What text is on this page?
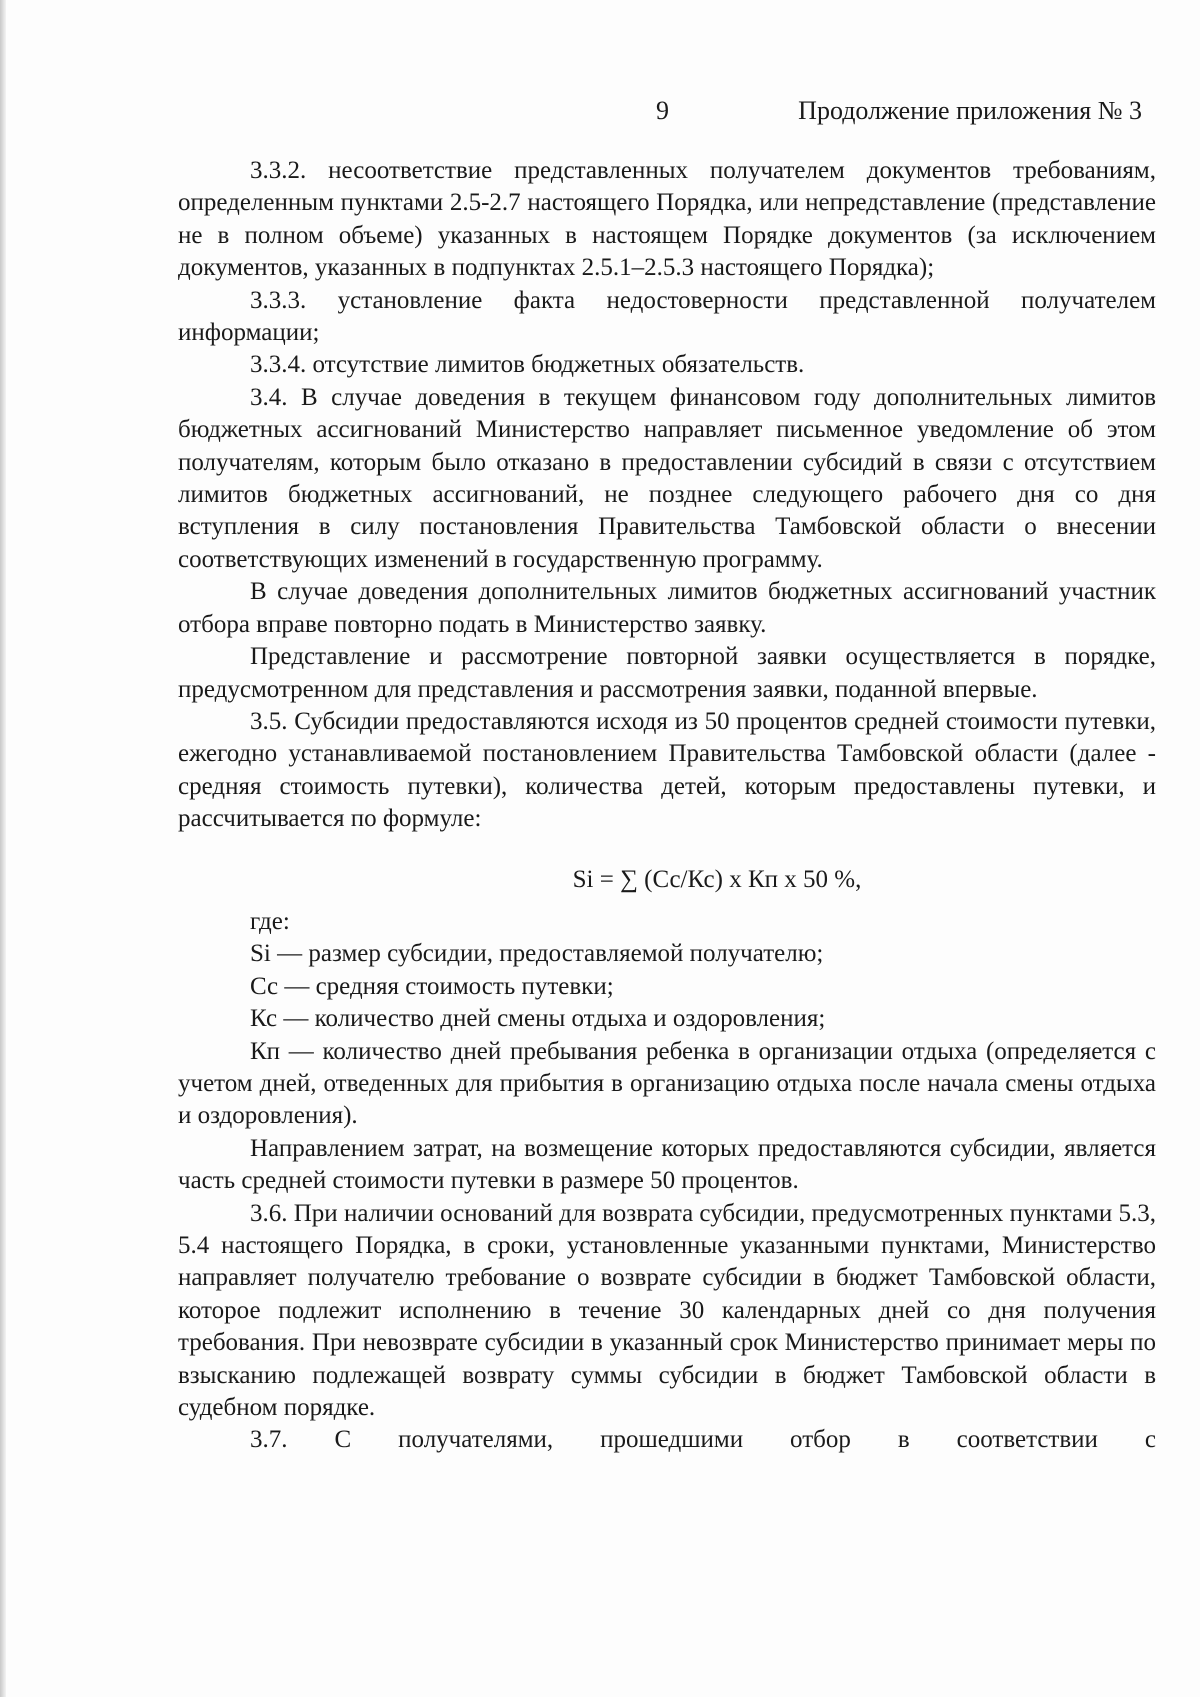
9	Продолжение приложения № 3

3.3.2. несоответствие представленных получателем документов требованиям, определенным пунктами 2.5-2.7 настоящего Порядка, или непредставление (представление не в полном объеме) указанных в настоящем Порядке документов (за исключением документов, указанных в подпунктах 2.5.1–2.5.3 настоящего Порядка);

3.3.3. установление факта недостоверности представленной получателем информации;

3.3.4. отсутствие лимитов бюджетных обязательств.

3.4. В случае доведения в текущем финансовом году дополнительных лимитов бюджетных ассигнований Министерство направляет письменное уведомление об этом получателям, которым было отказано в предоставлении субсидий в связи с отсутствием лимитов бюджетных ассигнований, не позднее следующего рабочего дня со дня вступления в силу постановления Правительства Тамбовской области о внесении соответствующих изменений в государственную программу.

В случае доведения дополнительных лимитов бюджетных ассигнований участник отбора вправе повторно подать в Министерство заявку.

Представление и рассмотрение повторной заявки осуществляется в порядке, предусмотренном для представления и рассмотрения заявки, поданной впервые.

3.5. Субсидии предоставляются исходя из 50 процентов средней стоимости путевки, ежегодно устанавливаемой постановлением Правительства Тамбовской области (далее - средняя стоимость путевки), количества детей, которым предоставлены путевки, и рассчитывается по формуле:

Si = ∑ (Сс/Кс) х Кп х 50 %,

где:

Si — размер субсидии, предоставляемой получателю;

Сс — средняя стоимость путевки;

Кс — количество дней смены отдыха и оздоровления;

Кп — количество дней пребывания ребенка в организации отдыха (определяется с учетом дней, отведенных для прибытия в организацию отдыха после начала смены отдыха и оздоровления).

Направлением затрат, на возмещение которых предоставляются субсидии, является часть средней стоимости путевки в размере 50 процентов.

3.6. При наличии оснований для возврата субсидии, предусмотренных пунктами 5.3, 5.4 настоящего Порядка, в сроки, установленные указанными пунктами, Министерство направляет получателю требование о возврате субсидии в бюджет Тамбовской области, которое подлежит исполнению в течение 30 календарных дней со дня получения требования. При невозврате субсидии в указанный срок Министерство принимает меры по взысканию подлежащей возврату суммы субсидии в бюджет Тамбовской области в судебном порядке.

3.7. С получателями, прошедшими отбор в соответствии с
